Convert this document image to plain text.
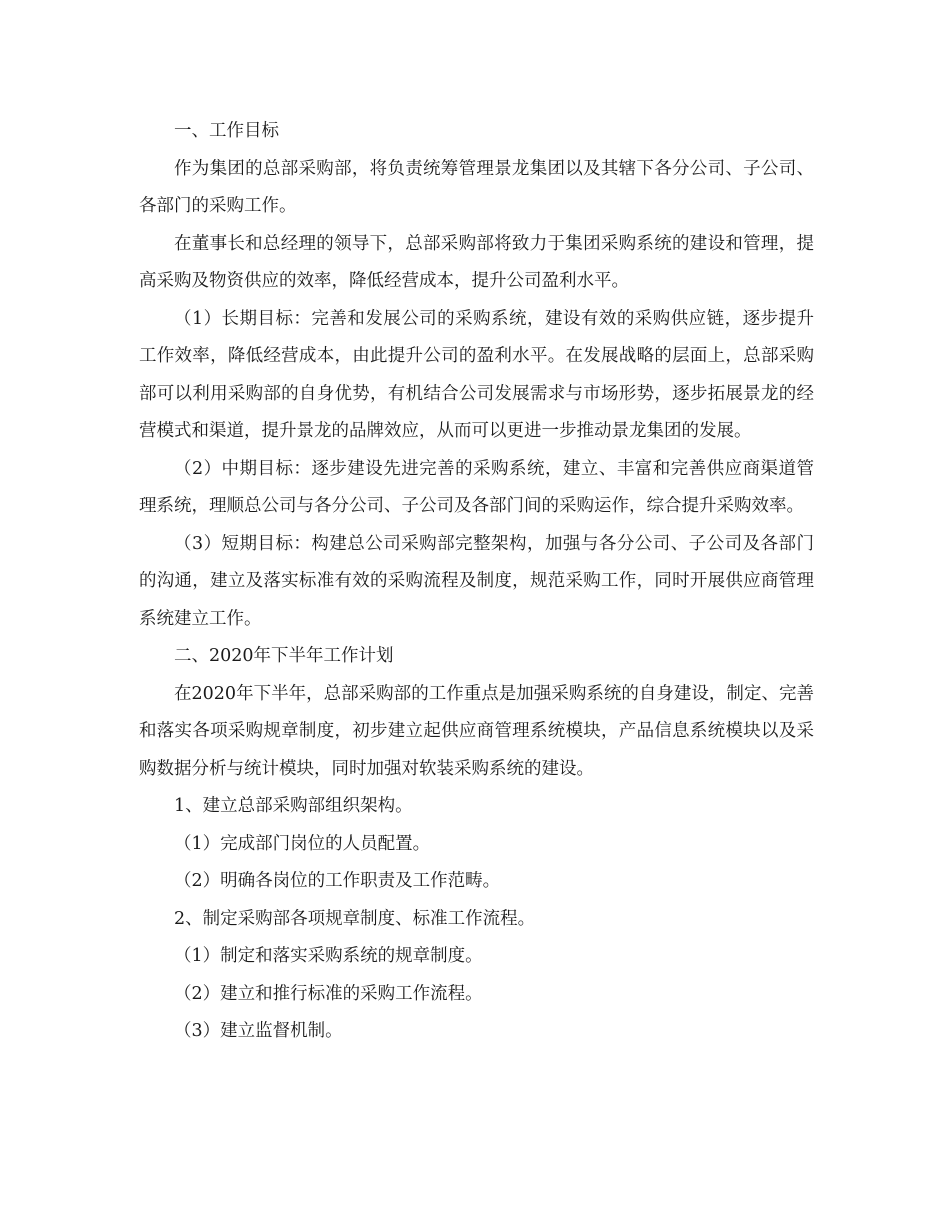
一、工作目标

作为集团的总部采购部，将负责统筹管理景龙集团以及其辖下各分公司、子公司、各部门的采购工作。

在董事长和总经理的领导下，总部采购部将致力于集团采购系统的建设和管理，提高采购及物资供应的效率，降低经营成本，提升公司盈利水平。

（1）长期目标：完善和发展公司的采购系统，建设有效的采购供应链，逐步提升工作效率，降低经营成本，由此提升公司的盈利水平。在发展战略的层面上，总部采购部可以利用采购部的自身优势，有机结合公司发展需求与市场形势，逐步拓展景龙的经营模式和渠道，提升景龙的品牌效应，从而可以更进一步推动景龙集团的发展。

（2）中期目标：逐步建设先进完善的采购系统，建立、丰富和完善供应商渠道管理系统，理顺总公司与各分公司、子公司及各部门间的采购运作，综合提升采购效率。

（3）短期目标：构建总公司采购部完整架构，加强与各分公司、子公司及各部门的沟通，建立及落实标准有效的采购流程及制度，规范采购工作，同时开展供应商管理系统建立工作。

二、2020年下半年工作计划

在2020年下半年，总部采购部的工作重点是加强采购系统的自身建设，制定、完善和落实各项采购规章制度，初步建立起供应商管理系统模块，产品信息系统模块以及采购数据分析与统计模块，同时加强对软装采购系统的建设。

1、建立总部采购部组织架构。

（1）完成部门岗位的人员配置。

（2）明确各岗位的工作职责及工作范畴。

2、制定采购部各项规章制度、标准工作流程。

（1）制定和落实采购系统的规章制度。

（2）建立和推行标准的采购工作流程。

（3）建立监督机制。
